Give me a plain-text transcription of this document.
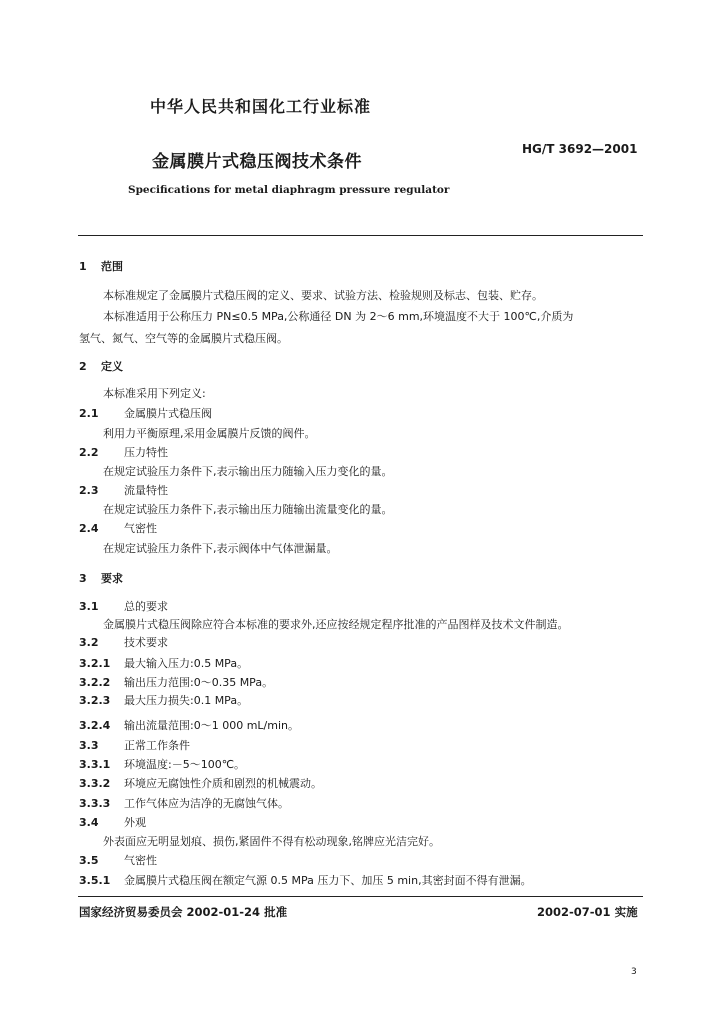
中华人民共和国化工行业标准
金属膜片式稳压阀技术条件
HG/T 3692—2001
Specifications for metal diaphragm pressure regulator
1 范围
本标准规定了金属膜片式稳压阀的定义、要求、试验方法、检验规则及标志、包装、贮存。
本标准适用于公称压力 PN≤0.5 MPa,公称通径 DN 为 2～6 mm,环境温度不大于 100℃,介质为
氢气、氮气、空气等的金属膜片式稳压阀。
2 定义
本标准采用下列定义:
2.1 金属膜片式稳压阀
利用力平衡原理,采用金属膜片反馈的阀件。
2.2 压力特性
在规定试验压力条件下,表示输出压力随输入压力变化的量。
2.3 流量特性
在规定试验压力条件下,表示输出压力随输出流量变化的量。
2.4 气密性
在规定试验压力条件下,表示阀体中气体泄漏量。
3 要求
3.1 总的要求
金属膜片式稳压阀除应符合本标准的要求外,还应按经规定程序批准的产品图样及技术文件制造。
3.2 技术要求
3.2.1 最大输入压力:0.5 MPa。
3.2.2 输出压力范围:0～0.35 MPa。
3.2.3 最大压力损失:0.1 MPa。
3.2.4 输出流量范围:0～1 000 mL/min。
3.3 正常工作条件
3.3.1 环境温度:－5～100℃。
3.3.2 环境应无腐蚀性介质和剧烈的机械震动。
3.3.3 工作气体应为洁净的无腐蚀气体。
3.4 外观
外表面应无明显划痕、损伤,紧固件不得有松动现象,铭牌应光洁完好。
3.5 气密性
3.5.1 金属膜片式稳压阀在额定气源 0.5 MPa 压力下、加压 5 min,其密封面不得有泄漏。
国家经济贸易委员会 2002-01-24 批准	2002-07-01 实施
3
